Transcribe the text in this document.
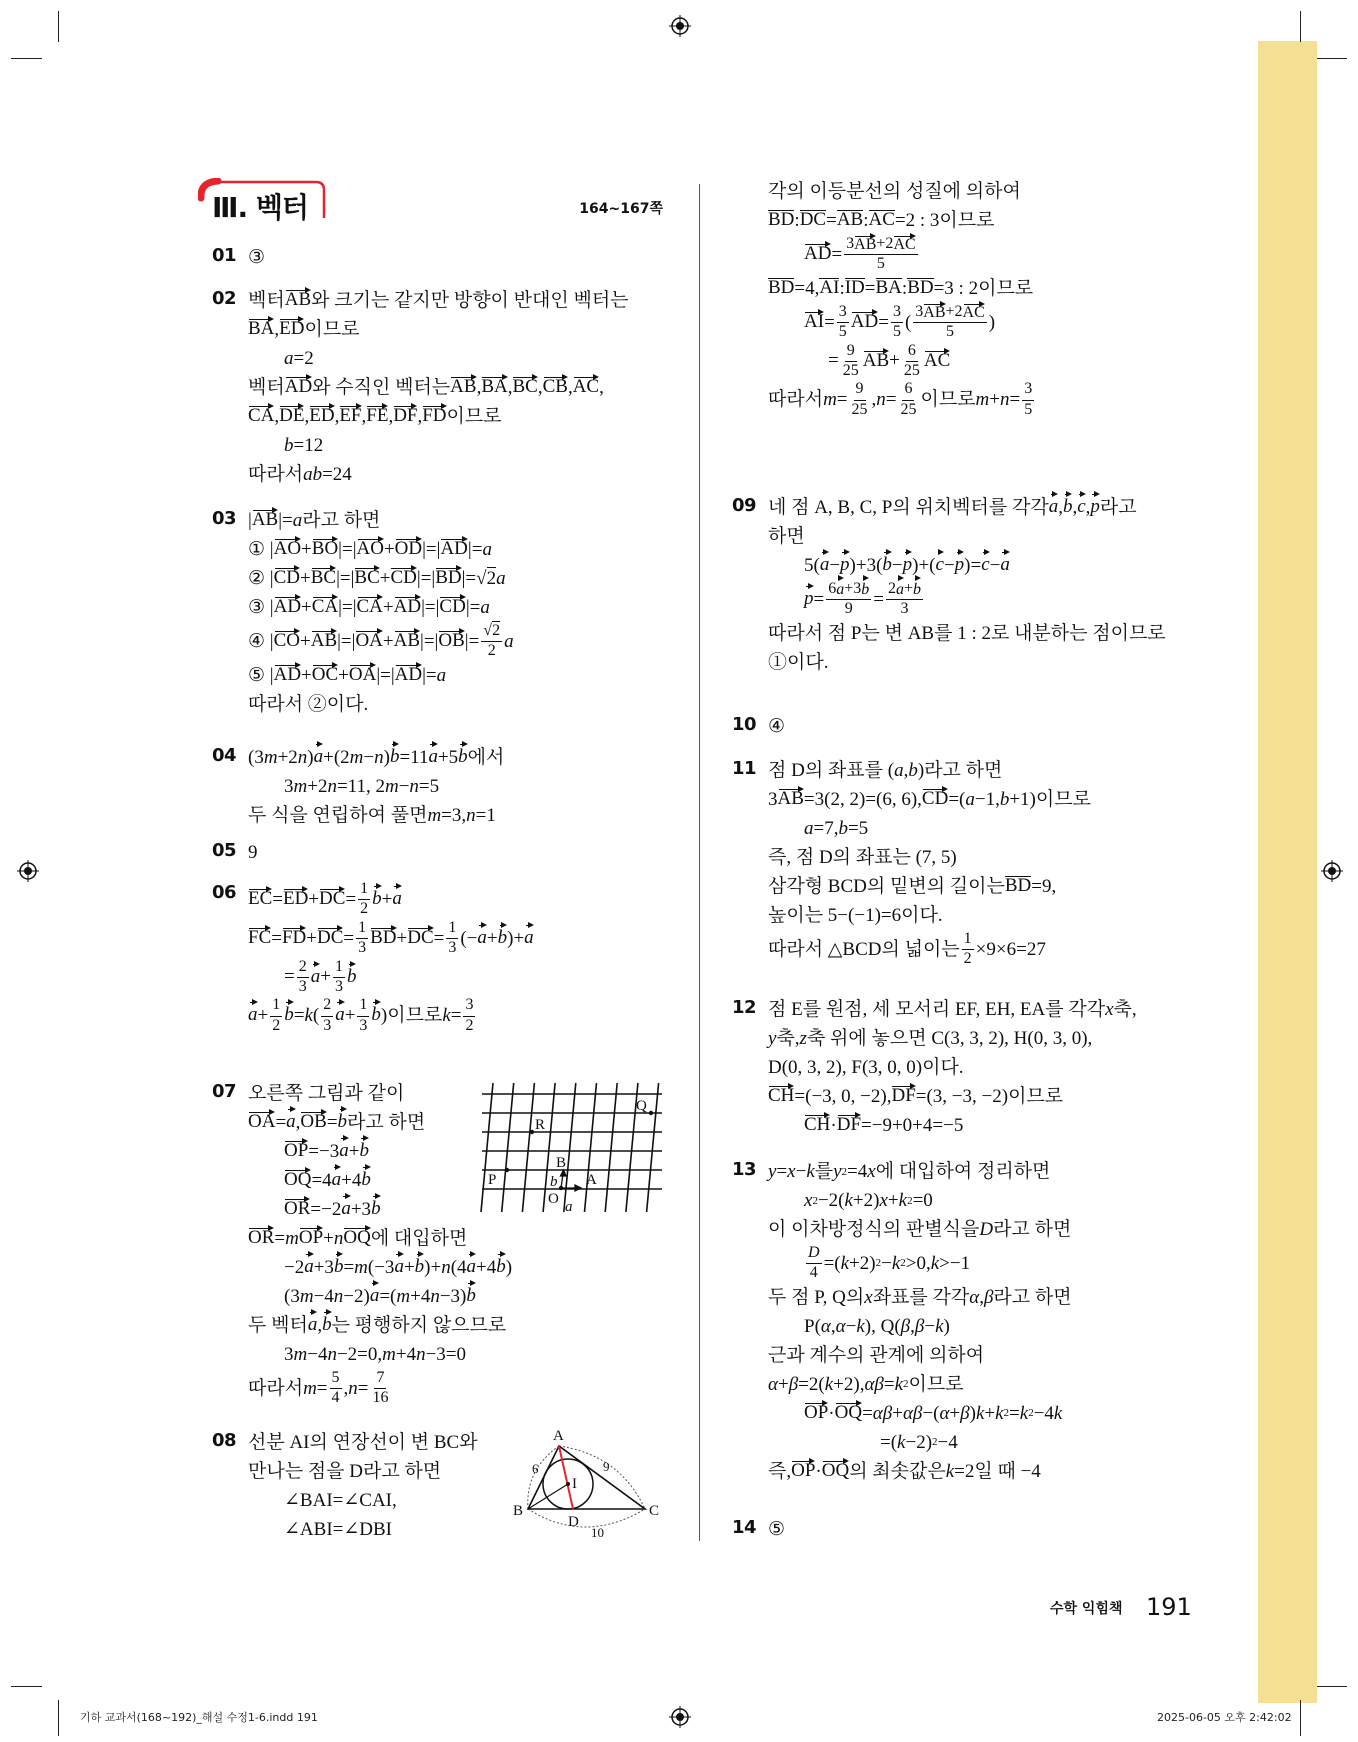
Ⅲ. 벡터	164~167쪽
01 ③
02 벡터 AB 와 크기는 같지만 방향이 반대인 벡터는
BA , ED 이므로
a =2
벡터 AD 와 수직인 벡터는 AB , BA , BC , CB , AC ,
CA , DE , ED , EF , FE , DF , FD 이므로
b =12
따라서 ab =24
03 | AB |= a 라고 하면
① | AO + BO |=| AO + OD |=| AD |= a
② | CD + BC |=| BC + CD |=| BD |= √2 a
③ | AD + CA |=| CA + AD |=| CD |= a
④ | CO + AB |=| OA + AB |=| OB |= $\frac{√2}{2}$ a
⑤ | AD + OC + OA |=| AD |= a
따라서 ②이다.
04 (3 m +2 n ) a +(2 m − n ) b =11 a +5 b 에서
3 m +2 n =11, 2 m − n =5
두 식을 연립하여 풀면 m =3, n =1
05 9
06 EC = ED + DC = $\frac{1}{2}$ b + a
FC = FD + DC = $\frac{1}{3}$ BD + DC = $\frac{1}{3}$ (− a + b )+ a
= $\frac{2}{3}$ $a + \frac{1}{3}$ b
$a + \frac{1}{2}$ b = k ( $\frac{2}{3}$ $a + \frac{1}{3}$ b )이므로 $k = \frac{3}{2}$
07 오른쪽 그림과 같이
OA = a , OB = b 라고 하면
OP =−3 a + b
OQ =4 a +4 b
OR =−2 a +3 b
OR = m OP + n OQ 에 대입하면
−2 a +3 b = m (−3 a + b )+ n (4 a +4 b )
(3 m −4 n −2) a =( m +4 n −3) b
두 벡터 a , b 는 평행하지 않으므로
3 m −4 n −2=0, m +4 n −3=0
따라서 $m = \frac{5}{4}$ , $n = \frac{7}{16}$
08 선분 AI의 연장선이 변 BC와
만나는 점을 D라고 하면
∠BAI=∠CAI,
∠ABI=∠DBI
각의 이등분선의 성질에 의하여
BD : DC = AB : AC =2 : 3이므로
AD = $\frac{3 AB +2 AC}{5}$
BD =4, AI : ID = BA : BD =3 : 2이므로
AI = $\frac{3}{5}$ AD = $\frac{3}{5}$ ( $\frac{3 AB +2 AC}{5}$ )
= $\frac{9}{25}$ AB + $\frac{6}{25}$ AC
따라서 $m = \frac{9}{25}$ , $n = \frac{6}{25}$ 이므로 $m + n = \frac{3}{5}$
09 네 점 A, B, C, P의 위치벡터를 각각 a , b , c , p 라고
하면
5( a − p )+3( b − p )+( c − p )= c − a
$p = \frac{6 a +3 b}{9} = \frac{2 a + b}{3}$
따라서 점 P는 변 AB를 1 : 2로 내분하는 점이므로
①이다.
10 ④
11 점 D의 좌표를 ( a , b )라고 하면
3 AB =3(2, 2)=(6, 6), CD =( a −1, b +1)이므로
a =7, b =5
즉, 점 D의 좌표는 (7, 5)
삼각형 BCD의 밑변의 길이는 BD =9,
높이는 5−(−1)=6이다.
따라서 △BCD의 넓이는 $\frac{1}{2} \times 9\times 6=27$
12 점 E를 원점, 세 모서리 EF, EH, EA를 각각 x 축,
y 축, z 축 위에 놓으면 C(3, 3, 2), H(0, 3, 0),
D(0, 3, 2), F(3, 0, 0)이다.
CH =(−3, 0, −2), DF =(3, −3, −2)이므로
CH · DF =−9+0+4=−5
13 y = x − k 를 y 2 =4 x 에 대입하여 정리하면
x 2 −2( k +2) x + k 2 =0
이 이차방정식의 판별식을 D 라고 하면
$\frac{D}{4}$ =( k +2) 2 − k 2 >0, k >−1
두 점 P, Q의 x 좌표를 각각 α , β 라고 하면
P( α , α − k ), Q( β , β − k )
근과 계수의 관계에 의하여
α + β =2( k +2), αβ = k 2 이므로
OP · OQ = αβ + αβ −( α + β ) k + k 2 = k 2 −4 k
=( k −2) 2 −4
즉, OP · OQ 의 최솟값은 k =2일 때 −4
14 ⑤
P
R
Q
B
A
O a
b
A
B	C
D
I
6	9
10
수학 익힘책 191
기하 교과서(168~192)_해설 수정1-6.indd 191	2025-06-05 오후 2:42:02
